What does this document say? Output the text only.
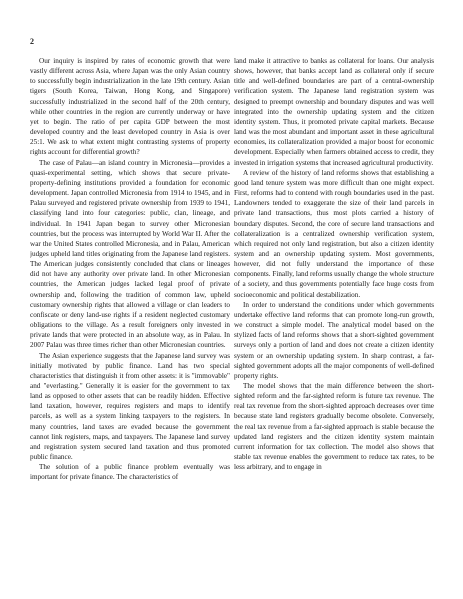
2

Our inquiry is inspired by rates of economic growth that were vastly different across Asia, where Japan was the only Asian country to successfully begin industrialization in the late 19th century. Asian tigers (South Korea, Taiwan, Hong Kong, and Singapore) successfully industrialized in the second half of the 20th century, while other countries in the region are currently underway or have yet to begin. The ratio of per capita GDP between the most developed country and the least developed country in Asia is over 25:1. We ask to what extent might contrasting systems of property rights account for differential growth?

The case of Palau—an island country in Micronesia—provides a quasi-experimental setting, which shows that secure private-property-defining institutions provided a foundation for economic development. Japan controlled Micronesia from 1914 to 1945, and in Palau surveyed and registered private ownership from 1939 to 1941, classifying land into four categories: public, clan, lineage, and individual. In 1941 Japan began to survey other Micronesian countries, but the process was interrupted by World War II. After the war the United States controlled Micronesia, and in Palau, American judges upheld land titles originating from the Japanese land registers. The American judges consistently concluded that clans or lineages did not have any authority over private land. In other Micronesian countries, the American judges lacked legal proof of private ownership and, following the tradition of common law, upheld customary ownership rights that allowed a village or clan leaders to confiscate or deny land-use rights if a resident neglected customary obligations to the village. As a result foreigners only invested in private lands that were protected in an absolute way, as in Palau. In 2007 Palau was three times richer than other Micronesian countries.

The Asian experience suggests that the Japanese land survey was initially motivated by public finance. Land has two special characteristics that distinguish it from other assets: it is "immovable" and "everlasting." Generally it is easier for the government to tax land as opposed to other assets that can be readily hidden. Effective land taxation, however, requires registers and maps to identify parcels, as well as a system linking taxpayers to the registers. In many countries, land taxes are evaded because the government cannot link registers, maps, and taxpayers. The Japanese land survey and registration system secured land taxation and thus promoted public finance.

The solution of a public finance problem eventually was important for private finance. The characteristics of

land make it attractive to banks as collateral for loans. Our analysis shows, however, that banks accept land as collateral only if secure title and well-defined boundaries are part of a central-ownership verification system. The Japanese land registration system was designed to preempt ownership and boundary disputes and was well integrated into the ownership updating system and the citizen identity system. Thus, it promoted private capital markets. Because land was the most abundant and important asset in these agricultural economies, its collateralization provided a major boost for economic development. Especially when farmers obtained access to credit, they invested in irrigation systems that increased agricultural productivity.

A review of the history of land reforms shows that establishing a good land tenure system was more difficult than one might expect. First, reforms had to contend with rough boundaries used in the past. Landowners tended to exaggerate the size of their land parcels in private land transactions, thus most plots carried a history of boundary disputes. Second, the core of secure land transactions and collateralization is a centralized ownership verification system, which required not only land registration, but also a citizen identity system and an ownership updating system. Most governments, however, did not fully understand the importance of these components. Finally, land reforms usually change the whole structure of a society, and thus governments potentially face huge costs from socioeconomic and political destabilization.

In order to understand the conditions under which governments undertake effective land reforms that can promote long-run growth, we construct a simple model. The analytical model based on the stylized facts of land reforms shows that a short-sighted government surveys only a portion of land and does not create a citizen identity system or an ownership updating system. In sharp contrast, a far-sighted government adopts all the major components of well-defined property rights.

The model shows that the main difference between the short-sighted reform and the far-sighted reform is future tax revenue. The real tax revenue from the short-sighted approach decreases over time because state land registers gradually become obsolete. Conversely, the real tax revenue from a far-sighted approach is stable because the updated land registers and the citizen identity system maintain current information for tax collection. The model also shows that stable tax revenue enables the government to reduce tax rates, to be less arbitrary, and to engage in
